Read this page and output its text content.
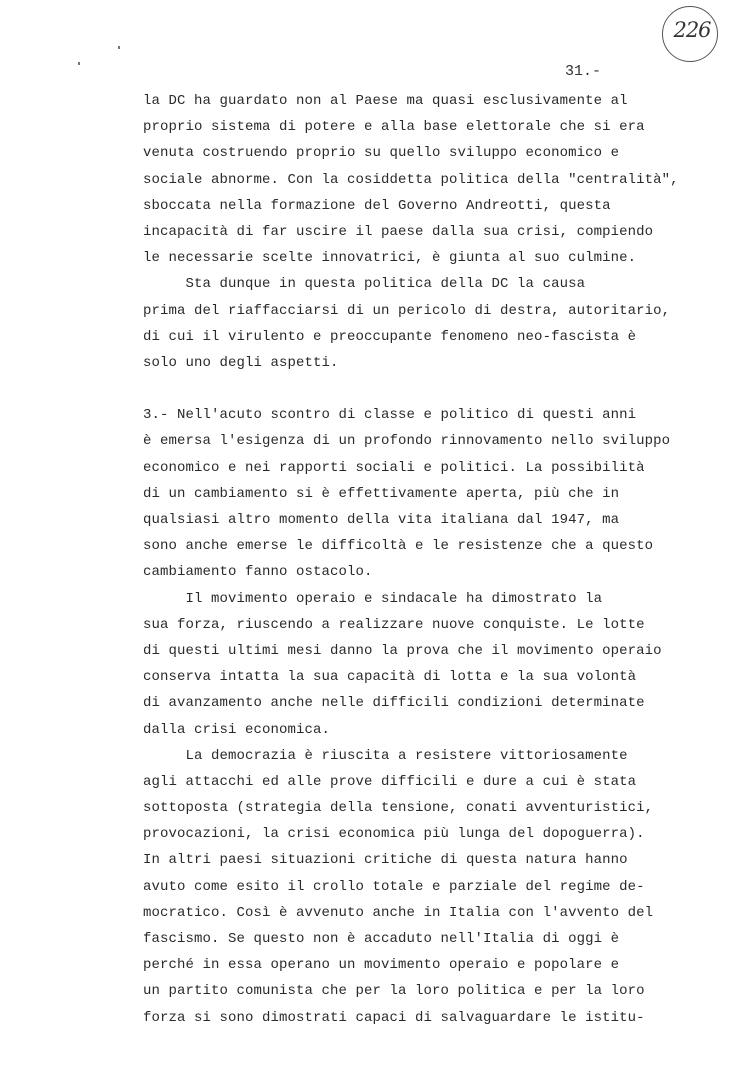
226
31.-
la DC ha guardato non al Paese ma quasi esclusivamente al
proprio sistema di potere e alla base elettorale che si era
venuta costruendo proprio su quello sviluppo economico e
sociale abnorme. Con la cosiddetta politica della "centralità",
sboccata nella formazione del Governo Andreotti, questa
incapacità di far uscire il paese dalla sua crisi, compiendo
le necessarie scelte innovatrici, è giunta al suo culmine.
Sta dunque in questa politica della DC la causa
prima del riaffacciarsi di un pericolo di destra, autoritario,
di cui il virulento e preoccupante fenomeno neo-fascista è
solo uno degli aspetti.
3.- Nell'acuto scontro di classe e politico di questi anni
è emersa l'esigenza di un profondo rinnovamento nello sviluppo
economico e nei rapporti sociali e politici. La possibilità
di un cambiamento si è effettivamente aperta, più che in
qualsiasi altro momento della vita italiana dal 1947, ma
sono anche emerse le difficoltà e le resistenze che a questo
cambiamento fanno ostacolo.
Il movimento operaio e sindacale ha dimostrato la
sua forza, riuscendo a realizzare nuove conquiste. Le lotte
di questi ultimi mesi danno la prova che il movimento operaio
conserva intatta la sua capacità di lotta e la sua volontà
di avanzamento anche nelle difficili condizioni determinate
dalla crisi economica.
La democrazia è riuscita a resistere vittoriosamente
agli attacchi ed alle prove difficili e dure a cui è stata
sottoposta (strategia della tensione, conati avventuristici,
provocazioni, la crisi economica più lunga del dopoguerra).
In altri paesi situazioni critiche di questa natura hanno
avuto come esito il crollo totale e parziale del regime de-
mocratico. Così è avvenuto anche in Italia con l'avvento del
fascismo. Se questo non è accaduto nell'Italia di oggi è
perché in essa operano un movimento operaio e popolare e
un partito comunista che per la loro politica e per la loro
forza si sono dimostrati capaci di salvaguardare le istitu-
